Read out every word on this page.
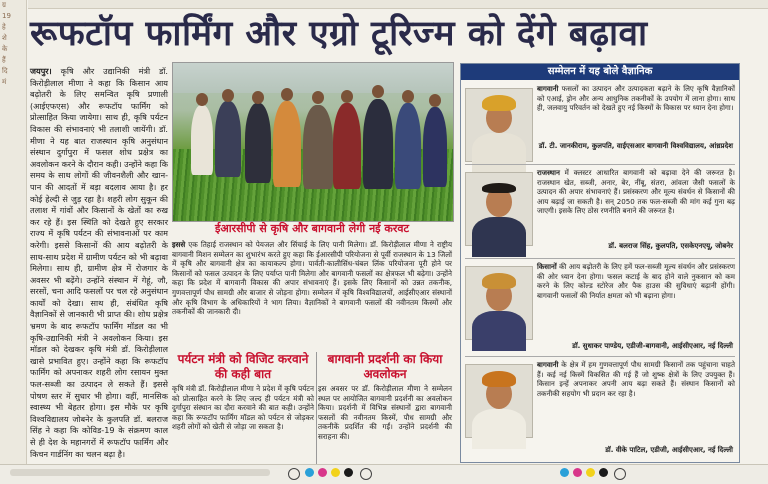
ग्र
19
हे
शे
के
हैं
दि
मं
रूफटॉप फार्मिंग और एग्रो टूरिज्म को देंगे बढ़ावा
जयपुर। कृषि और उद्यानिकी मंत्री डॉ. किरोड़ीलाल मीणा ने कहा कि किसान आय बढ़ोतरी के लिए समन्वित कृषि प्रणाली (आईएफएस) और रूफटॉप फार्मिंग को प्रोत्साहित किया जायेगा। साथ ही, कृषि पर्यटन विकास की संभावनाएं भी तलाशी जायेंगी। डॉ. मीणा ने यह बात राजस्थान कृषि अनुसंधान संस्थान दुर्गापुरा में फसल शोध प्रक्षेत्र का अवलोकन करने के दौरान कही। उन्होंने कहा कि समय के साथ लोगों की जीवनशैली और खान-पान की आदतों में बड़ा बदलाव आया है। हर कोई हेल्दी से जुड़ रहा है। शहरी लोग सुकून की तलाश में गांवों और किसानों के खेतों का रुख कर रहे हैं। इस स्थिति को देखते हुए सरकार राज्य में कृषि पर्यटन की संभावनाओं पर काम करेगी। इससे किसानों की आय बढ़ोतरी के साथ-साथ प्रदेश में ग्रामीण पर्यटन को भी बढ़ावा मिलेगा। साथ ही, ग्रामीण क्षेत्र में रोजगार के अवसर भी बढ़ेंगे। उन्होंने संस्थान में गेहूं, जौ, सरसों, चना आदि फसलों पर चल रहे अनुसंधान कार्यों को देखा। साथ ही, संबंधित कृषि वैज्ञानिकों से जानकारी भी प्राप्त की। शोध प्रक्षेत्र भ्रमण के बाद रूफटॉप फार्मिंग मॉडल का भी कृषि-उद्यानिकी मंत्री ने अवलोकन किया। इस मॉडल को देखकर कृषि मंत्री डॉ. किरोड़ीलाल खासे प्रभावित हुए। उन्होंने कहा कि रूफटॉप फार्मिंग को अपनाकर शहरी लोग रसायन मुक्त फल-सब्जी का उत्पादन ले सकते हैं। इससे पोषण स्तर में सुधार भी होगा। वहीं, मानसिक स्वास्थ्य भी बेहतर होगा। इस मौके पर कृषि विश्वविद्यालय जोबनेर के कुलपति डॉ. बलराज सिंह ने कहा कि कोविड-19 के संक्रमण काल से ही देश के महानगरों में रूफटॉप फार्मिंग और किचन गार्डनिंग का चलन बढ़ा है।
ईआरसीपी से कृषि और बागवानी लेगी नई करवट
इससे एक तिहाई राजस्थान को पेयजल और सिंचाई के लिए पानी मिलेगा। डॉ. किरोड़ीलाल मीणा ने राष्ट्रीय बागवानी मिशन सम्मेलन का शुभारंभ करते हुए कहा कि ईआरसीपी परियोजना से पूर्वी राजस्थान के 13 जिलों में कृषि और बागवानी क्षेत्र का कायाकल्प होगा। पार्वती-कालीसिंध-चंबल लिंक परियोजना पूरी होने पर किसानों को फसल उत्पादन के लिए पर्याप्त पानी मिलेगा और बागवानी फसलों का क्षेत्रफल भी बढ़ेगा। उन्होंने कहा कि प्रदेश में बागवानी विकास की अपार संभावनाएं हैं। इसके लिए किसानों को उन्नत तकनीक, गुणवत्तापूर्ण पौध सामग्री और बाजार से जोड़ना होगा। सम्मेलन में कृषि विश्वविद्यालयों, आईसीएआर संस्थानों और कृषि विभाग के अधिकारियों ने भाग लिया। वैज्ञानिकों ने बागवानी फसलों की नवीनतम किस्मों और तकनीकों की जानकारी दी।
पर्यटन मंत्री को विजिट करवाने की कही बात
बागवानी प्रदर्शनी का किया अवलोकन
कृषि मंत्री डॉ. किरोड़ीलाल मीणा ने प्रदेश में कृषि पर्यटन को प्रोत्साहित करने के लिए जल्द ही पर्यटन मंत्री को दुर्गापुरा संस्थान का दौरा करवाने की बात कही। उन्होंने कहा कि रूफटॉप फार्मिंग मॉडल को पर्यटन से जोड़कर शहरी लोगों को खेती से जोड़ा जा सकता है।
इस अवसर पर डॉ. किरोड़ीलाल मीणा ने सम्मेलन स्थल पर आयोजित बागवानी प्रदर्शनी का अवलोकन किया। प्रदर्शनी में विभिन्न संस्थानों द्वारा बागवानी फसलों की नवीनतम किस्में, पौध सामग्री और तकनीकें प्रदर्शित की गईं। उन्होंने प्रदर्शनी की सराहना की।
सम्मेलन में यह बोले वैज्ञानिक
बागवानी फसलों का उत्पादन और उत्पादकता बढ़ाने के लिए कृषि वैज्ञानिकों को एआई, ड्रोन और अन्य आधुनिक तकनीकों के उपयोग में लाना होगा। साथ ही, जलवायु परिवर्तन को देखते हुए नई किस्मों के विकास पर ध्यान देना होगा।
डॉ. टी. जानकीराम, कुलपति, वाईएसआर बागवानी विश्वविद्यालय, आंध्रप्रदेश
राजस्थान में क्लस्टर आधारित बागवानी को बढ़ावा देने की जरूरत है। राजस्थान खेत, सब्जी, अनार, बेर, नींबू, संतरा, आंवला जैसी फसलों के उत्पादन की अपार संभावनाएं हैं। प्रसंस्करण और मूल्य संवर्धन से किसानों की आय बढ़ाई जा सकती है। सन् 2050 तक फल-सब्जी की मांग कई गुना बढ़ जाएगी। इसके लिए ठोस रणनीति बनाने की जरूरत है।
डॉ. बलराज सिंह, कुलपति, एसकेएनएयू, जोबनेर
किसानों की आय बढ़ोतरी के लिए हमें फल-सब्जी मूल्य संवर्धन और प्रसंस्करण की ओर ध्यान देना होगा। फसल कटाई के बाद होने वाले नुकसान को कम करने के लिए कोल्ड स्टोरेज और पैक हाउस की सुविधाएं बढ़ानी होंगी। बागवानी फसलों की निर्यात क्षमता को भी बढ़ाना होगा।
डॉ. सुधाकर पाण्डेय, एडीजी-बागवानी, आईसीएआर, नई दिल्ली
बागवानी के क्षेत्र में हम गुणवत्तापूर्ण पौध सामग्री किसानों तक पहुंचाना चाहते हैं। कई नई किस्में विकसित की गई हैं जो शुष्क क्षेत्रों के लिए उपयुक्त हैं। किसान इन्हें अपनाकर अपनी आय बढ़ा सकते हैं। संस्थान किसानों को तकनीकी सहयोग भी प्रदान कर रहा है।
डॉ. वीके पाटिल, एडीजी, आईसीएआर, नई दिल्ली
